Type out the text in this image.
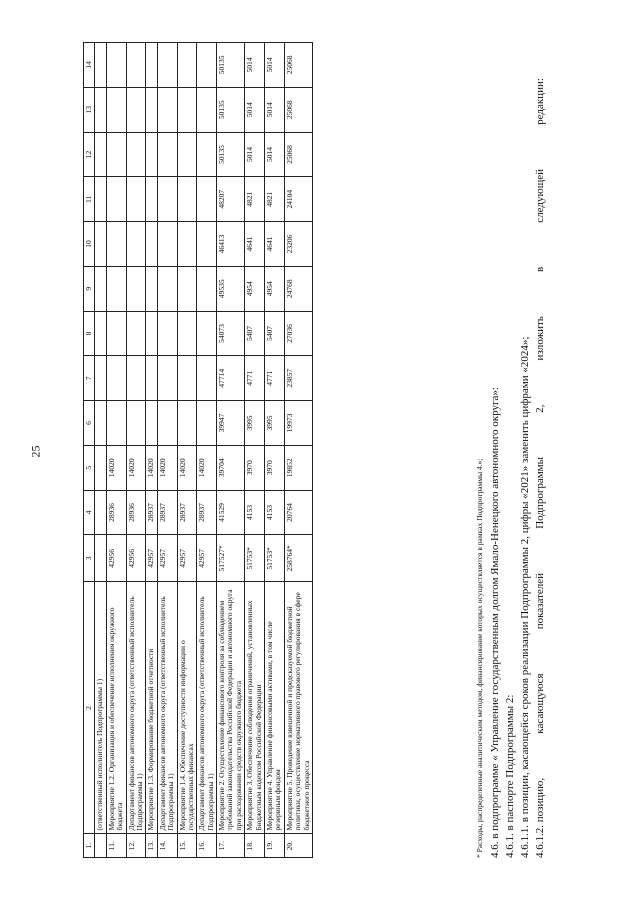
25
1.	2	3	4	5	6	7	8	9	10	11	12	13	14
	(ответственный исполнитель Подпрограммы 1)												
11.	Мероприятие 1.2. Организация и обеспечение исполнения окружного бюджета	42956	28936	14020									
12.	Департамент финансов автономного округа (ответственный исполнитель Подпрограммы 1)	42956	28936	14020									
13.	Мероприятие 1.3. Формирование бюджетной отчетности	42957	28937	14020									
14.	Департамент финансов автономного округа (ответственный исполнитель Подпрограммы 1)	42957	28937	14020									
15.	Мероприятие 1.4. Обеспечение доступности информации о государственных финансах	42957	28937	14020									
16.	Департамент финансов автономного округа (ответственный исполнитель Подпрограммы 1)	42957	28937	14020									
17.	Мероприятие 2. Осуществление финансового контроля за соблюдением требований законодательства Российской Федерации и автономного округа при расходовании средств окружного бюджета	517527*	41529	39704	39947	47714	54073	49535	46413	48207	50135	50135	50135
18.	Мероприятие 3. Обеспечение соблюдения ограничений, установленных Бюджетным кодексом Российской Федерации	51753*	4153	3970	3995	4771	5407	4954	4641	4821	5014	5014	5014
19.	Мероприятие 4. Управление финансовыми активами, в том числе резервным фондом	51753*	4153	3970	3995	4771	5407	4954	4641	4821	5014	5014	5014
20.	Мероприятие 5. Проведение взвешенной и предсказуемой бюджетной политики, осуществление нормативного правового регулирования в сфере бюджетного процесса	258764*	20764	19852	19973	23857	27036	24768	23206	24104	25068	25068	25068
* Расходы, распределенные аналитическим методом, финансирование которых осуществляется в рамках Подпрограммы 4.»; 4.6. в подпрограмме « Управление государственным долгом Ямало-Ненецкого автономного округа»: 4.6.1. в паспорте Подпрограммы 2: 4.6.1.1. в позиции, касающейся сроков реализации Подпрограммы 2, цифры «2021» заменить цифрами «2024»; 4.6.1.2. позицию,
касающуюся
показателей
Подпрограммы
2,
изложить
в
следующей
редакции:
